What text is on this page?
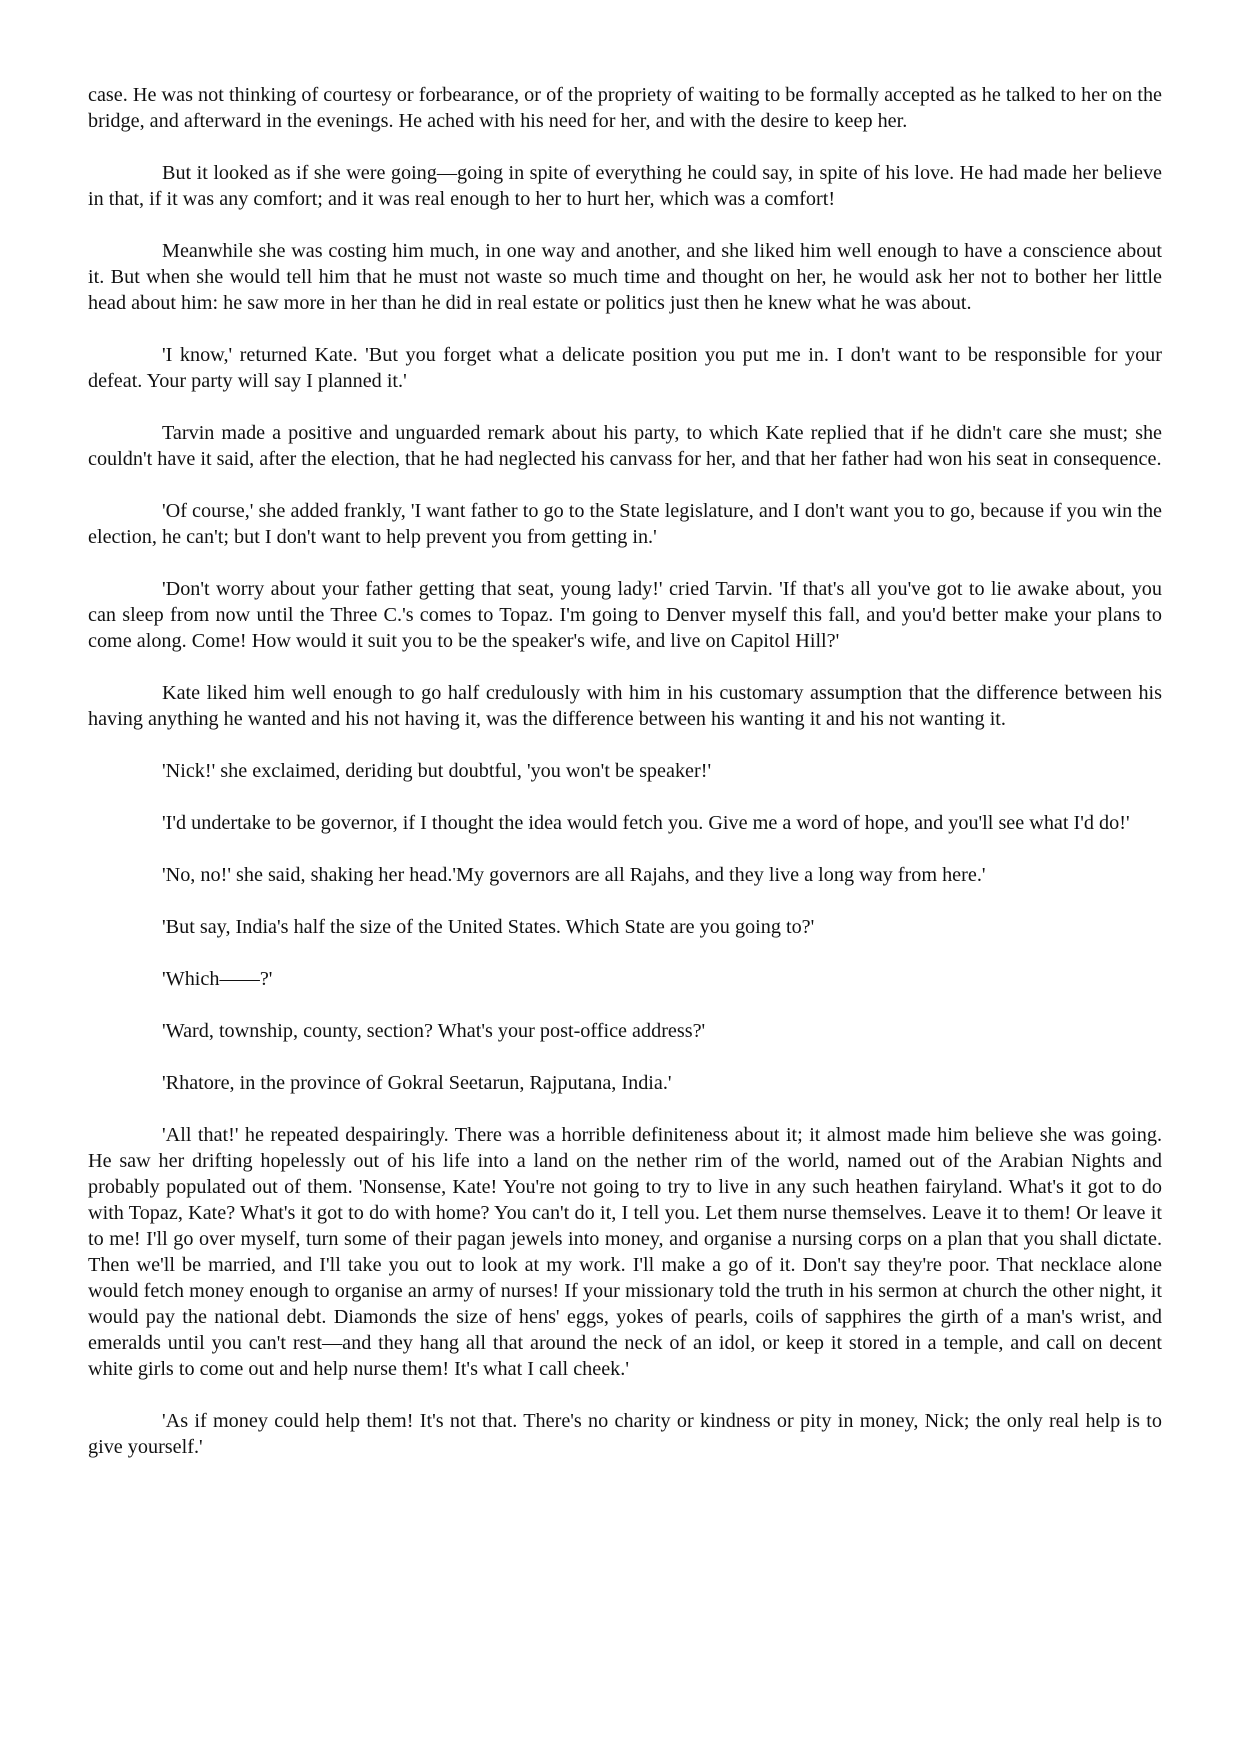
case. He was not thinking of courtesy or forbearance, or of the propriety of waiting to be formally accepted as he talked to her on the bridge, and afterward in the evenings. He ached with his need for her, and with the desire to keep her.

But it looked as if she were going—going in spite of everything he could say, in spite of his love. He had made her believe in that, if it was any comfort; and it was real enough to her to hurt her, which was a comfort!

Meanwhile she was costing him much, in one way and another, and she liked him well enough to have a conscience about it. But when she would tell him that he must not waste so much time and thought on her, he would ask her not to bother her little head about him: he saw more in her than he did in real estate or politics just then he knew what he was about.

'I know,' returned Kate. 'But you forget what a delicate position you put me in. I don't want to be responsible for your defeat. Your party will say I planned it.'

Tarvin made a positive and unguarded remark about his party, to which Kate replied that if he didn't care she must; she couldn't have it said, after the election, that he had neglected his canvass for her, and that her father had won his seat in consequence.

'Of course,' she added frankly, 'I want father to go to the State legislature, and I don't want you to go, because if you win the election, he can't; but I don't want to help prevent you from getting in.'

'Don't worry about your father getting that seat, young lady!' cried Tarvin. 'If that's all you've got to lie awake about, you can sleep from now until the Three C.'s comes to Topaz. I'm going to Denver myself this fall, and you'd better make your plans to come along. Come! How would it suit you to be the speaker's wife, and live on Capitol Hill?'

Kate liked him well enough to go half credulously with him in his customary assumption that the difference between his having anything he wanted and his not having it, was the difference between his wanting it and his not wanting it.

'Nick!' she exclaimed, deriding but doubtful, 'you won't be speaker!'

'I'd undertake to be governor, if I thought the idea would fetch you. Give me a word of hope, and you'll see what I'd do!'

'No, no!' she said, shaking her head.'My governors are all Rajahs, and they live a long way from here.'

'But say, India's half the size of the United States. Which State are you going to?'

'Which——?'

'Ward, township, county, section? What's your post-office address?'

'Rhatore, in the province of Gokral Seetarun, Rajputana, India.'

'All that!' he repeated despairingly. There was a horrible definiteness about it; it almost made him believe she was going. He saw her drifting hopelessly out of his life into a land on the nether rim of the world, named out of the Arabian Nights and probably populated out of them. 'Nonsense, Kate! You're not going to try to live in any such heathen fairyland. What's it got to do with Topaz, Kate? What's it got to do with home? You can't do it, I tell you. Let them nurse themselves. Leave it to them! Or leave it to me! I'll go over myself, turn some of their pagan jewels into money, and organise a nursing corps on a plan that you shall dictate. Then we'll be married, and I'll take you out to look at my work. I'll make a go of it. Don't say they're poor. That necklace alone would fetch money enough to organise an army of nurses! If your missionary told the truth in his sermon at church the other night, it would pay the national debt. Diamonds the size of hens' eggs, yokes of pearls, coils of sapphires the girth of a man's wrist, and emeralds until you can't rest—and they hang all that around the neck of an idol, or keep it stored in a temple, and call on decent white girls to come out and help nurse them! It's what I call cheek.'

'As if money could help them! It's not that. There's no charity or kindness or pity in money, Nick; the only real help is to give yourself.'
